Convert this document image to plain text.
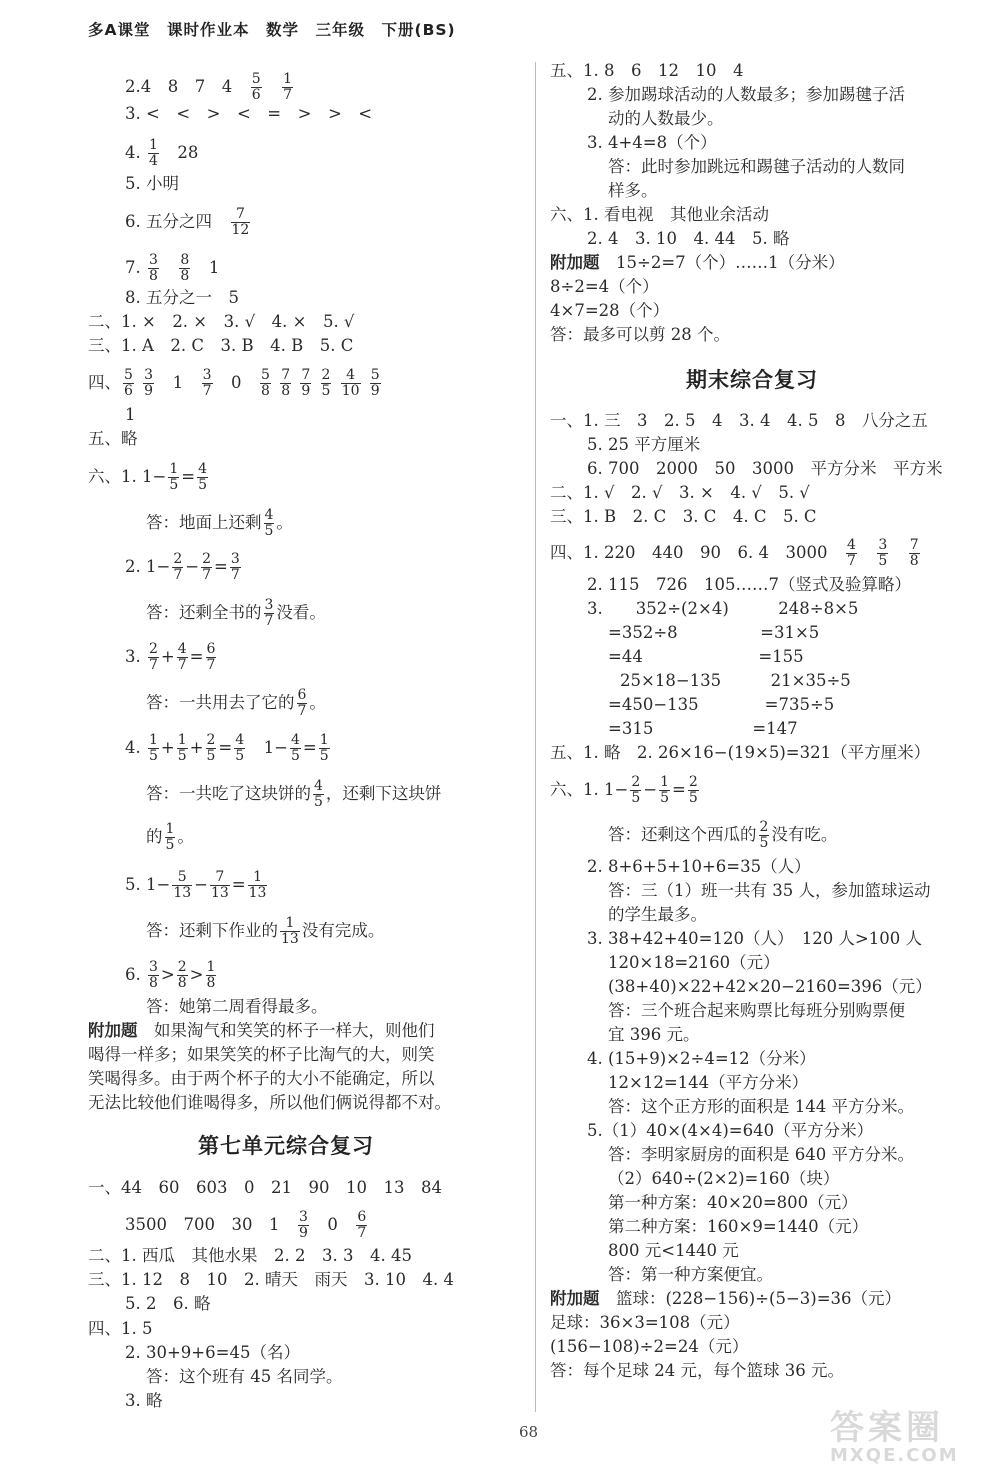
多A课堂　课时作业本　数学　三年级　下册(BS)
2.4　8　7　4　 $\frac{5}{6}$
　 $\frac{1}{7}$
3. <　<　>　<　=　>　>　<
4. $\frac{1}{4}$ 　28
5. 小明
6. 五分之四　 $\frac{7}{12}$
7. $\frac{3}{8}$
　 $\frac{8}{8}$ 　1
8. 五分之一　5
二、1. ×　2. ×　3. √　4. ×　5. √
三、1. A　2. C　3. B　4. B　5. C
四、 $\frac{5}{6}$
$\frac{3}{9}$ 　1　 $\frac{3}{7}$ 　0　 $\frac{5}{8}$
$\frac{7}{8}$
$\frac{7}{9}$
$\frac{2}{5}$
$\frac{4}{10}$
$\frac{5}{9}$
1
五、略
六、1. $1- \frac{1}{5} = \frac{4}{5}$
答：地面上还剩 $\frac{4}{5}$ 。
2. $1- \frac{2}{7} - \frac{2}{7} = \frac{3}{7}$
答：还剩全书的 $\frac{3}{7}$ 没看。
3. $\frac{2}{7} + \frac{4}{7} = \frac{6}{7}$
答：一共用去了它的 $\frac{6}{7}$ 。
4. $\frac{1}{5} + \frac{1}{5} + \frac{2}{5} = \frac{4}{5}$ 　$1- \frac{4}{5} = \frac{1}{5}$
答：一共吃了这块饼的 $\frac{4}{5}$ ，还剩下这块饼
的 $\frac{1}{5}$ 。
5. $1- \frac{5}{13} - \frac{7}{13} = \frac{1}{13}$
答：还剩下作业的 $\frac{1}{13}$ 没有完成。
6. $\frac{3}{8} > \frac{2}{8} > \frac{1}{8}$
答：她第二周看得最多。
附加题　如果淘气和笑笑的杯子一样大，则他们
喝得一样多；如果笑笑的杯子比淘气的大，则笑
笑喝得多。由于两个杯子的大小不能确定，所以
无法比较他们谁喝得多，所以他们俩说得都不对。
一、44　60　603　0　21　90　10　13　84
3500　700　30　1　 $\frac{3}{9}$ 　0　 $\frac{6}{7}$
二、1. 西瓜　其他水果　2. 2　3. 3　4. 45
三、1. 12　8　10　2. 晴天　雨天　3. 10　4. 4
5. 2　6. 略
四、1. 5
2. 30+9+6=45（名）
答：这个班有 45 名同学。
3. 略
第七单元综合复习
五、1. 8　6　12　10　4
2. 参加踢球活动的人数最多；参加踢毽子活
动的人数最少。
3. 4+4=8（个）
答：此时参加跳远和踢毽子活动的人数同
样多。
六、1. 看电视　其他业余活动
2. 4　3. 10　4. 44　5. 略
附加题　15÷2=7（个）……1（分米）
8÷2=4（个）
4×7=28（个）
答：最多可以剪 28 个。
一、1. 三　3　2. 5　4　3. 4　4. 5　8　八分之五
5. 25 平方厘米
6. 700　2000　50　3000　平方分米　平方米
二、1. √　2. √　3. ×　4. √　5. √
三、1. B　2. C　3. C　4. C　5. C
四、1. 220　440　90　6. 4　3000　 $\frac{4}{7}$
　 $\frac{3}{5}$
　 $\frac{7}{8}$
2. 115　726　105……7（竖式及验算略）
3.　　352÷(2×4)　　　248÷8×5
=352÷8　　　　　=31×5
=44　　　　　　　=155
25×18−135　　　21×35÷5
=450−135　　　　=735÷5
=315　　　　　　=147
五、1. 略　2. 26×16−(19×5)=321（平方厘米）
六、1. $1- \frac{2}{5} - \frac{1}{5} = \frac{2}{5}$
答：还剩这个西瓜的 $\frac{2}{5}$ 没有吃。
2. 8+6+5+10+6=35（人）
答：三（1）班一共有 35 人，参加篮球运动
的学生最多。
3. 38+42+40=120（人）　120 人>100 人
120×18=2160（元）
(38+40)×22+42×20−2160=396（元）
答：三个班合起来购票比每班分别购票便
宜 396 元。
4. (15+9)×2÷4=12（分米）
12×12=144（平方分米）
答：这个正方形的面积是 144 平方分米。
5.（1）40×(4×4)=640（平方分米）
答：李明家厨房的面积是 640 平方分米。
（2）640÷(2×2)=160（块）
第一种方案：40×20=800（元）
第二种方案：160×9=1440（元）
800 元<1440 元
答：第一种方案便宜。
附加题　篮球：(228−156)÷(5−3)=36（元）
足球：36×3=108（元）
(156−108)÷2=24（元）
答：每个足球 24 元，每个篮球 36 元。
期末综合复习
68	答案圈
MXQE.COM
